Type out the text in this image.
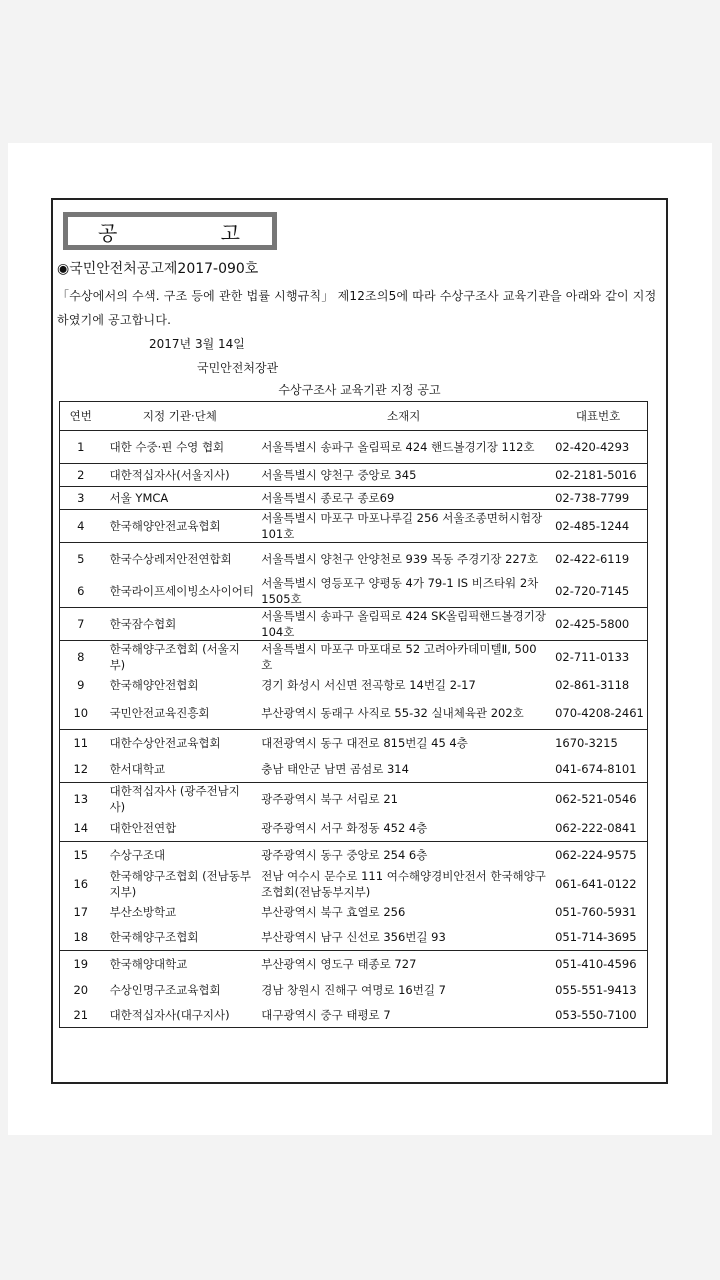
공	고
◉국민안전처공고제2017-090호
「수상에서의 수색. 구조 등에 관한 법률 시행규칙」 제12조의5에 따라 수상구조사 교육기관을 아래와 같이 지정하였기에 공고합니다.
2017년 3월 14일
국민안전처장관
수상구조사 교육기관 지정 공고
연번	지정 기관·단체	소재지	대표번호
1	대한 수중·핀 수영 협회	서울특별시 송파구 올림픽로 424 핸드볼경기장 112호	02-420-4293
2	대한적십자사(서울지사)	서울특별시 양천구 중앙로 345	02-2181-5016
3	서울 YMCA	서울특별시 종로구 종로69	02-738-7799
4	한국해양안전교육협회	서울특별시 마포구 마포나루길 256 서울조종면허시험장 101호	02-485-1244
5	한국수상레저안전연합회	서울특별시 양천구 안양천로 939 목동 주경기장 227호	02-422-6119
6	한국라이프세이빙소사이어티	서울특별시 영등포구 양평동 4가 79-1 IS 비즈타워 2차 1505호	02-720-7145
7	한국잠수협회	서울특별시 송파구 올림픽로 424 SK올림픽핸드볼경기장 104호	02-425-5800
8	한국해양구조협회 (서울지부)	서울특별시 마포구 마포대로 52 고려아카데미텔Ⅱ, 500호	02-711-0133
9	한국해양안전협회	경기 화성시 서신면 전곡항로 14번길 2-17	02-861-3118
10	국민안전교육진흥회	부산광역시 동래구 사직로 55-32 실내체육관 202호	070-4208-2461
11	대한수상안전교육협회	대전광역시 동구 대전로 815번길 45 4층	1670-3215
12	한서대학교	충남 태안군 남면 곰섬로 314	041-674-8101
13	대한적십자사 (광주전남지사)	광주광역시 북구 서림로 21	062-521-0546
14	대한안전연합	광주광역시 서구 화정동 452 4층	062-222-0841
15	수상구조대	광주광역시 동구 중앙로 254 6층	062-224-9575
16	한국해양구조협회 (전남동부지부)	전남 여수시 문수로 111 여수해양경비안전서 한국해양구조협회(전남동부지부)	061-641-0122
17	부산소방학교	부산광역시 북구 효열로 256	051-760-5931
18	한국해양구조협회	부산광역시 남구 신선로 356번길 93	051-714-3695
19	한국해양대학교	부산광역시 영도구 태종로 727	051-410-4596
20	수상인명구조교육협회	경남 창원시 진해구 여명로 16번길 7	055-551-9413
21	대한적십자사(대구지사)	대구광역시 중구 태평로 7	053-550-7100
